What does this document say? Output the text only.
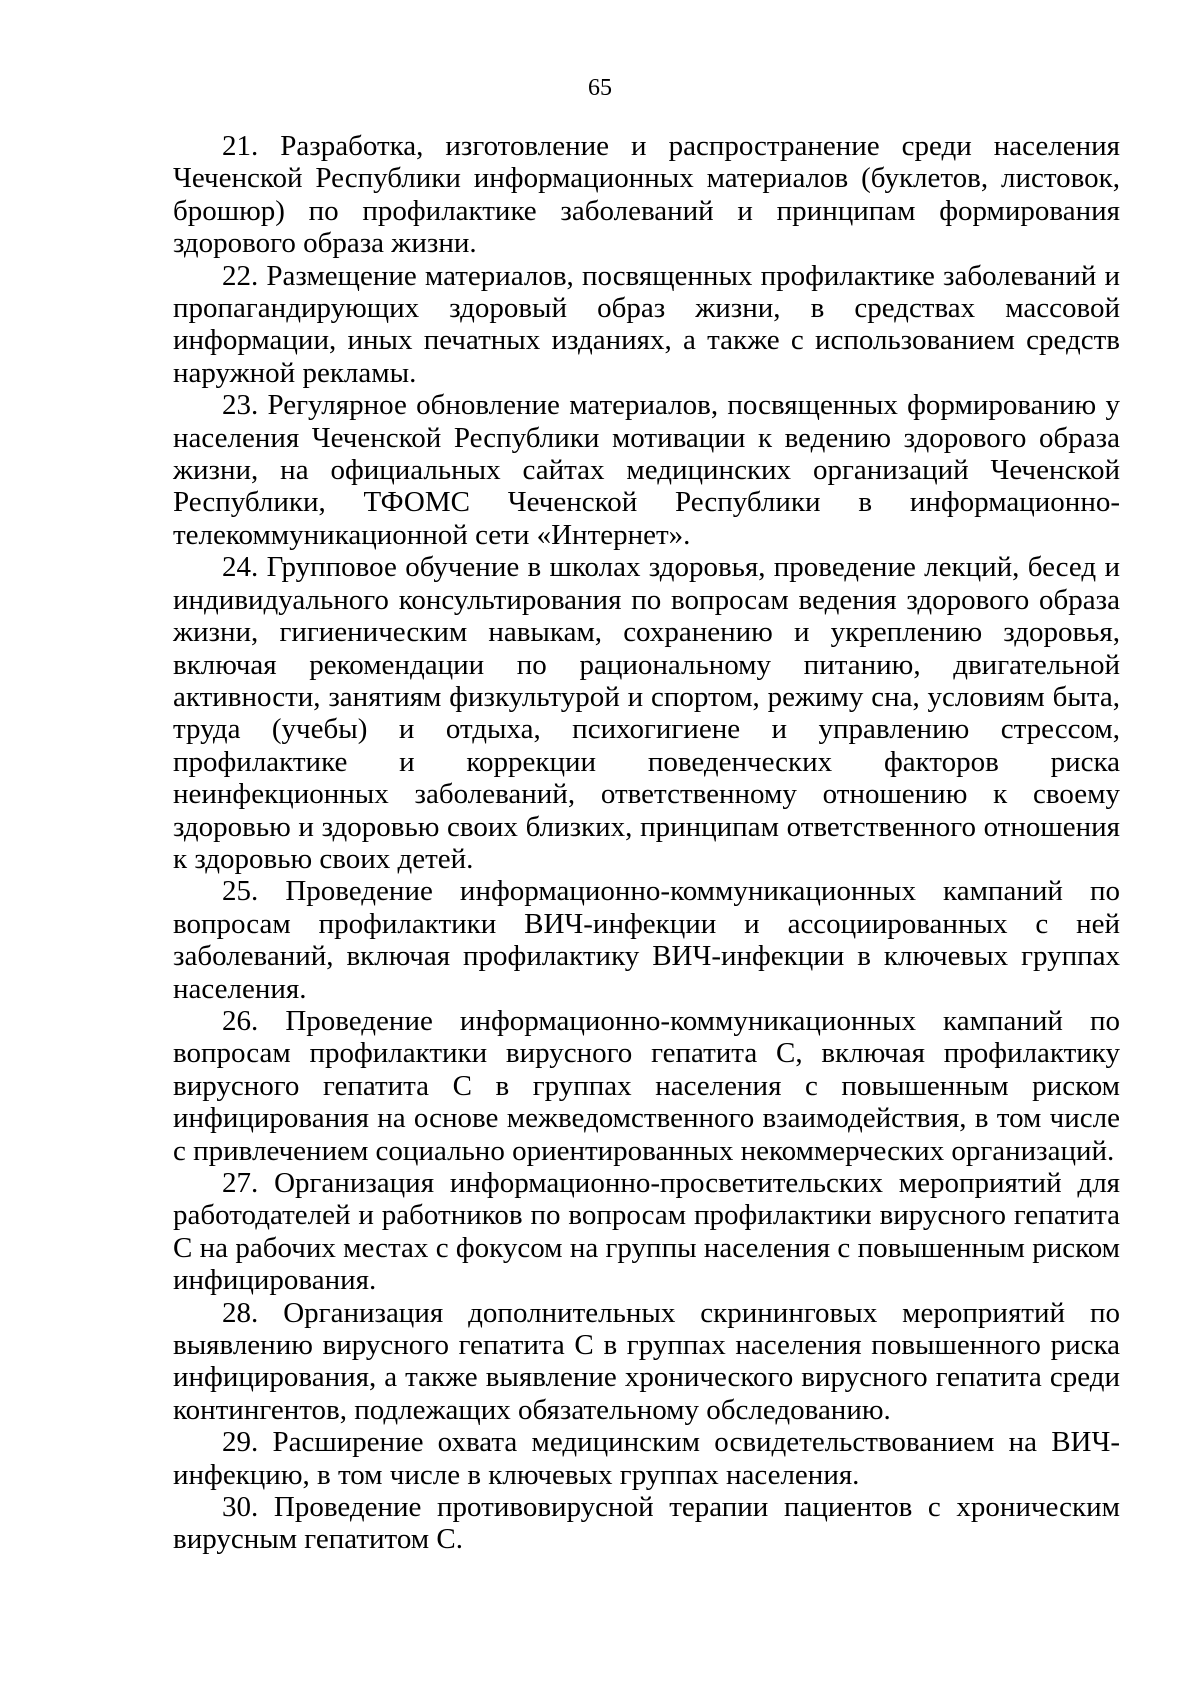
65

21. Разработка, изготовление и распространение среди населения Чеченской Республики информационных материалов (буклетов, листовок, брошюр) по профилактике заболеваний и принципам формирования здорового образа жизни.

22. Размещение материалов, посвященных профилактике заболеваний и пропагандирующих здоровый образ жизни, в средствах массовой информации, иных печатных изданиях, а также с использованием средств наружной рекламы.

23. Регулярное обновление материалов, посвященных формированию у населения Чеченской Республики мотивации к ведению здорового образа жизни, на официальных сайтах медицинских организаций Чеченской Республики, ТФОМС Чеченской Республики в информационно-телекоммуникационной сети «Интернет».

24. Групповое обучение в школах здоровья, проведение лекций, бесед и индивидуального консультирования по вопросам ведения здорового образа жизни, гигиеническим навыкам, сохранению и укреплению здоровья, включая рекомендации по рациональному питанию, двигательной активности, занятиям физкультурой и спортом, режиму сна, условиям быта, труда (учебы) и отдыха, психогигиене и управлению стрессом, профилактике и коррекции поведенческих факторов риска неинфекционных заболеваний, ответственному отношению к своему здоровью и здоровью своих близких, принципам ответственного отношения к здоровью своих детей.

25. Проведение информационно-коммуникационных кампаний по вопросам профилактики ВИЧ-инфекции и ассоциированных с ней заболеваний, включая профилактику ВИЧ-инфекции в ключевых группах населения.

26. Проведение информационно-коммуникационных кампаний по вопросам профилактики вирусного гепатита С, включая профилактику вирусного гепатита С в группах населения с повышенным риском инфицирования на основе межведомственного взаимодействия, в том числе с привлечением социально ориентированных некоммерческих организаций.

27. Организация информационно-просветительских мероприятий для работодателей и работников по вопросам профилактики вирусного гепатита С на рабочих местах с фокусом на группы населения с повышенным риском инфицирования.

28. Организация дополнительных скрининговых мероприятий по выявлению вирусного гепатита С в группах населения повышенного риска инфицирования, а также выявление хронического вирусного гепатита среди контингентов, подлежащих обязательному обследованию.

29. Расширение охвата медицинским освидетельствованием на ВИЧ-инфекцию, в том числе в ключевых группах населения.

30. Проведение противовирусной терапии пациентов с хроническим вирусным гепатитом С.
